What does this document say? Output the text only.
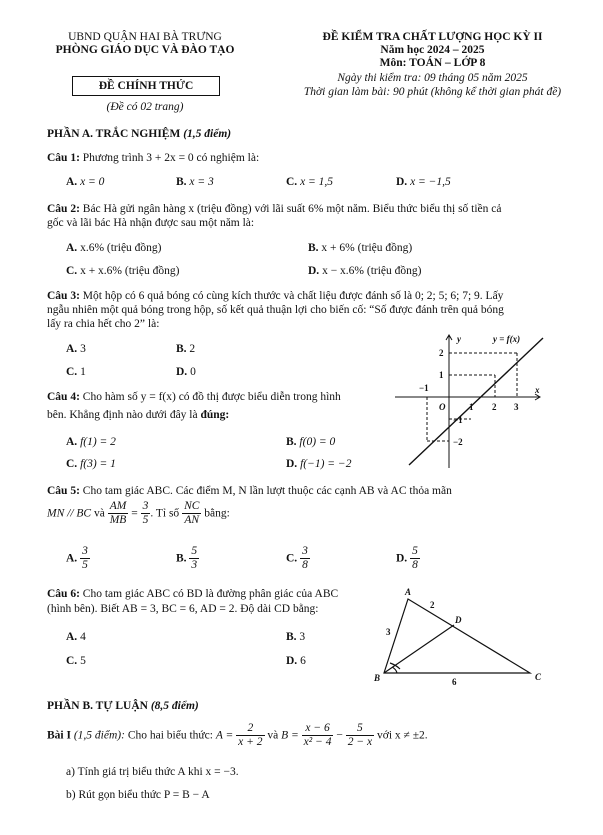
UBND QUẬN HAI BÀ TRƯNG
PHÒNG GIÁO DỤC VÀ ĐÀO TẠO
ĐỀ CHÍNH THỨC
(Đề có 02 trang)
ĐỀ KIỂM TRA CHẤT LƯỢNG HỌC KỲ II
Năm học 2024 – 2025
Môn: TOÁN – LỚP 8
Ngày thi kiểm tra: 09 tháng 05 năm 2025
Thời gian làm bài: 90 phút (không kể thời gian phát đề)
PHẦN A. TRẮC NGHIỆM (1,5 điểm)
Câu 1: Phương trình 3 + 2x = 0 có nghiệm là:
A. x = 0	B. x = 3	C. x = 1,5	D. x = −1,5
Câu 2: Bác Hà gửi ngân hàng x (triệu đồng) với lãi suất 6% một năm. Biểu thức biểu thị số tiền cả
gốc và lãi bác Hà nhận được sau một năm là:
A. x.6% (triệu đồng)	B. x + 6% (triệu đồng)
C. x + x.6% (triệu đồng)	D. x − x.6% (triệu đồng)
Câu 3: Một hộp có 6 quả bóng có cùng kích thước và chất liệu được đánh số là 0; 2; 5; 6; 7; 9. Lấy
ngẫu nhiên một quả bóng trong hộp, số kết quả thuận lợi cho biến cố: “Số được đánh trên quả bóng
lấy ra chia hết cho 2” là:
A. 3	B. 2
C. 1	D. 0
y	y = f(x)
x
O
−1
1 2 3
2
1
−1
−2
Câu 4: Cho hàm số y = f(x) có đồ thị được biểu diễn trong hình
bên. Khẳng định nào dưới đây là đúng:
A. f(1) = 2	B. f(0) = 0
C. f(3) = 1	D. f(−1) = −2
Câu 5: Cho tam giác ABC. Các điểm M, N lần lượt thuộc các cạnh AB và AC thỏa mãn
MN // BC và $\frac{AM}{MB} = \frac{3}{5}$ . Tỉ số $\frac{NC}{AN}$ bằng:
A. $\frac{3}{5}$	B. $\frac{5}{3}$	C. $\frac{3}{8}$	D. $\frac{5}{8}$
A
B	C
D
3
2
6
Câu 6: Cho tam giác ABC có BD là đường phân giác của ABC
(hình bên). Biết AB = 3, BC = 6, AD = 2. Độ dài CD bằng:
A. 4	B. 3
C. 5	D. 6
PHẦN B. TỰ LUẬN (8,5 điểm)
Bài I (1,5 điểm): Cho hai biểu thức: $A = \frac{2}{x + 2}$ và $B = \frac{x - 6}{\text{x² − 4}} - \frac{5}{2 - x}$ với x ≠ ±2.
a) Tính giá trị biểu thức A khi x = −3.
b) Rút gọn biểu thức P = B − A
